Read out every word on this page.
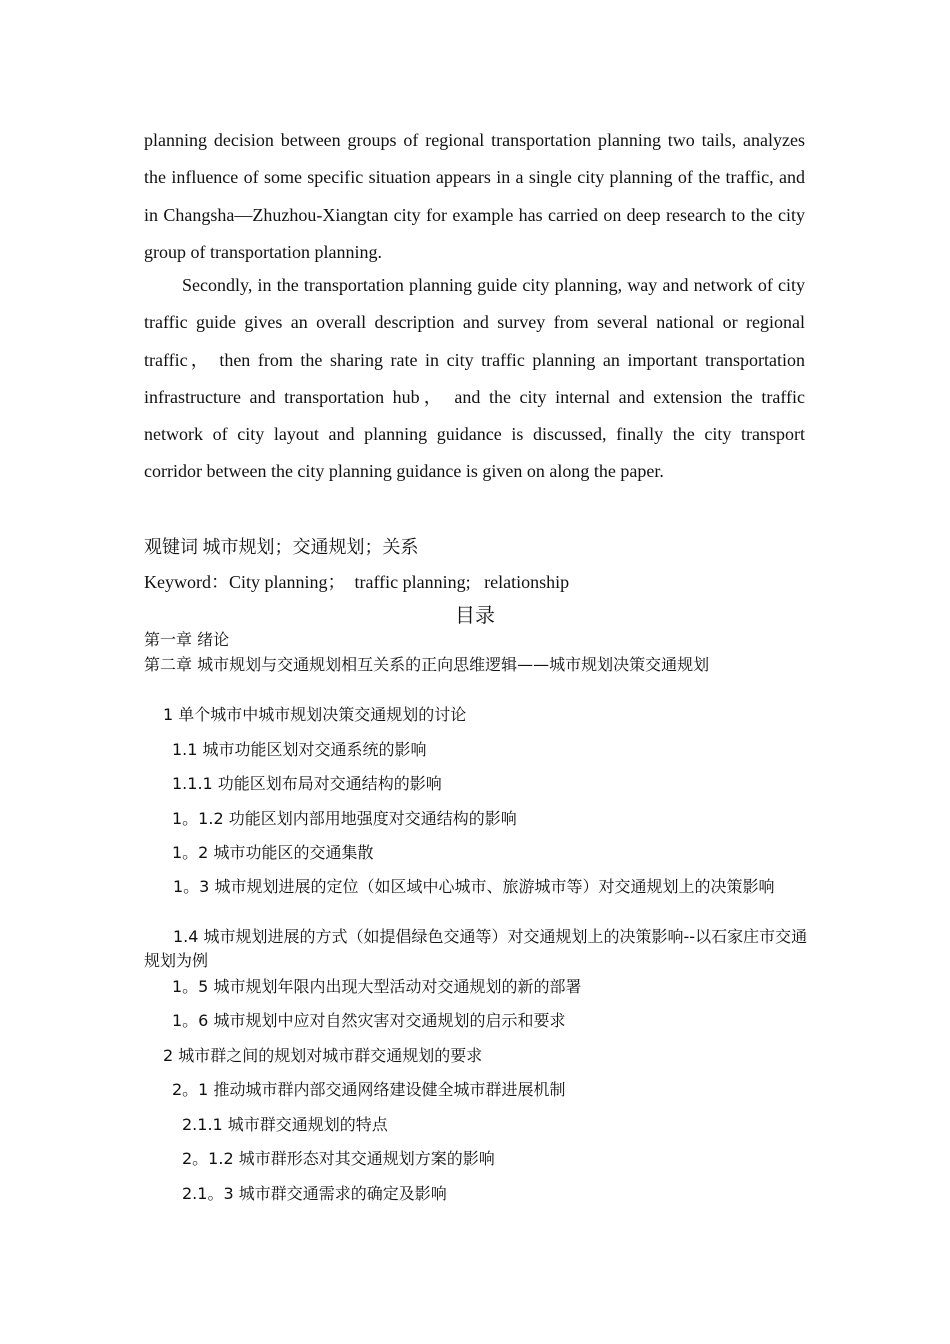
planning decision between groups of regional transportation planning two tails, analyzes the influence of some specific situation appears in a single city planning of the traffic, and in Changsha—Zhuzhou-Xiangtan city for example has carried on deep research to the city group of transportation planning.
Secondly, in the transportation planning guide city planning, way and network of city traffic guide gives an overall description and survey from several national or regional traffic， then from the sharing rate in city traffic planning an important transportation infrastructure and transportation hub， and the city internal and extension the traffic network of city layout and planning guidance is discussed, finally the city transport corridor between the city planning guidance is given on along the paper.
观键词 城市规划；交通规划；关系
Keyword：City planning；  traffic planning;   relationship
目录
第一章 绪论
第二章 城市规划与交通规划相互关系的正向思维逻辑——城市规划决策交通规划
1 单个城市中城市规划决策交通规划的讨论
1.1 城市功能区划对交通系统的影响
1.1.1 功能区划布局对交通结构的影响
1。1.2 功能区划内部用地强度对交通结构的影响
1。2 城市功能区的交通集散
1。3 城市规划进展的定位（如区域中心城市、旅游城市等）对交通规划上的决策影响
1.4 城市规划进展的方式（如提倡绿色交通等）对交通规划上的决策影响--以石家庄市交通规划为例
1。5 城市规划年限内出现大型活动对交通规划的新的部署
1。6 城市规划中应对自然灾害对交通规划的启示和要求
2 城市群之间的规划对城市群交通规划的要求
2。1 推动城市群内部交通网络建设健全城市群进展机制
2.1.1 城市群交通规划的特点
2。1.2 城市群形态对其交通规划方案的影响
2.1。3 城市群交通需求的确定及影响
